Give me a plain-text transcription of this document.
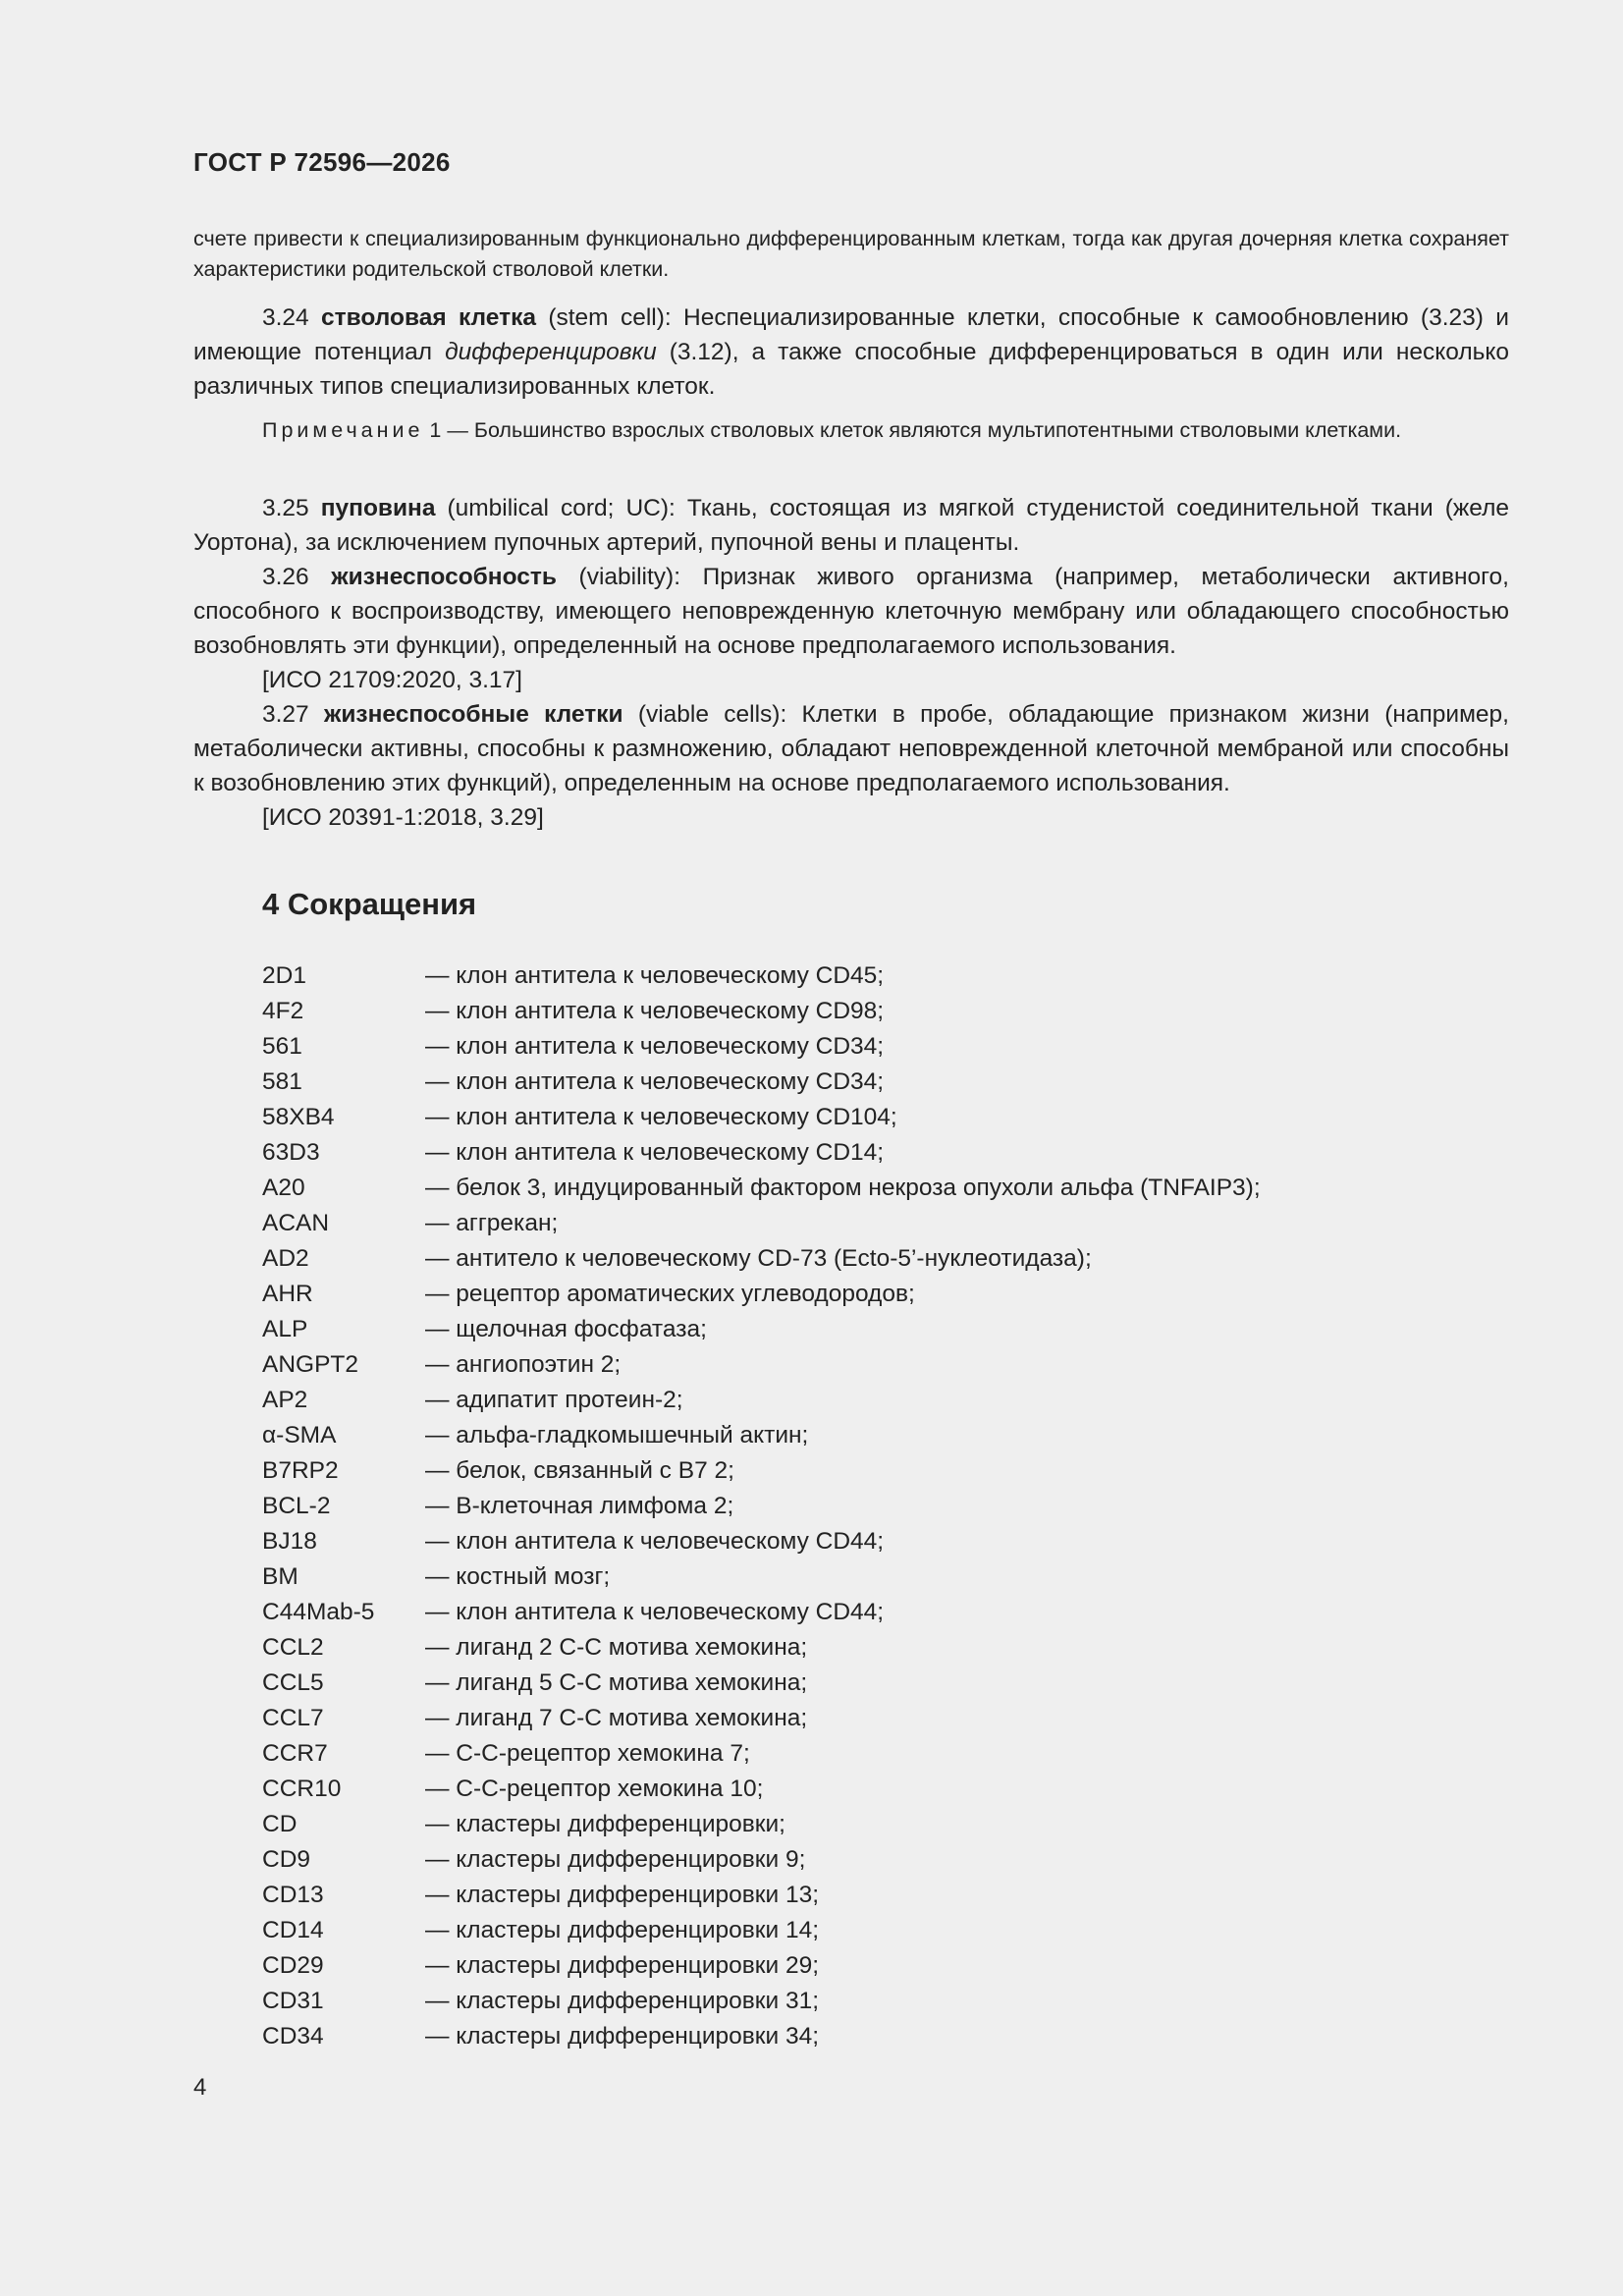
ГОСТ Р 72596—2026

счете привести к специализированным функционально дифференцированным клеткам, тогда как другая дочерняя клетка сохраняет характеристики родительской стволовой клетки.

3.24 стволовая клетка (stem cell): Неспециализированные клетки, способные к самообновлению (3.23) и имеющие потенциал дифференцировки (3.12), а также способные дифференцироваться в один или несколько различных типов специализированных клеток.

Примечание 1 — Большинство взрослых стволовых клеток являются мультипотентными стволовыми клетками.

3.25 пуповина (umbilical cord; UC): Ткань, состоящая из мягкой студенистой соединительной ткани (желе Уортона), за исключением пупочных артерий, пупочной вены и плаценты.

3.26 жизнеспособность (viability): Признак живого организма (например, метаболически активного, способного к воспроизводству, имеющего неповрежденную клеточную мембрану или обладающего способностью возобновлять эти функции), определенный на основе предполагаемого использования.

[ИСО 21709:2020, 3.17]

3.27 жизнеспособные клетки (viable cells): Клетки в пробе, обладающие признаком жизни (например, метаболически активны, способны к размножению, обладают неповрежденной клеточной мембраной или способны к возобновлению этих функций), определенным на основе предполагаемого использования.

[ИСО 20391-1:2018, 3.29]

4 Сокращения
2D1	— клон антитела к человеческому CD45;
4F2	— клон антитела к человеческому CD98;
561	— клон антитела к человеческому CD34;
581	— клон антитела к человеческому CD34;
58XB4	— клон антитела к человеческому CD104;
63D3	— клон антитела к человеческому CD14;
A20	— белок 3, индуцированный фактором некроза опухоли альфа (TNFAIP3);
ACAN	— аггрекан;
AD2	— антитело к человеческому CD-73 (Ecto-5’-нуклеотидаза);
AHR	— рецептор ароматических углеводородов;
ALP	— щелочная фосфатаза;
ANGPT2	— ангиопоэтин 2;
AP2	— адипатит протеин-2;
α-SMA	— альфа-гладкомышечный актин;
B7RP2	— белок, связанный с B7 2;
BCL-2	— В-клеточная лимфома 2;
BJ18	— клон антитела к человеческому CD44;
BM	— костный мозг;
C44Mab-5	— клон антитела к человеческому CD44;
CCL2	— лиганд 2 C-C мотива хемокина;
CCL5	— лиганд 5 C-C мотива хемокина;
CCL7	— лиганд 7 C-C мотива хемокина;
CCR7	— C-C-рецептор хемокина 7;
CCR10	— C-C-рецептор хемокина 10;
CD	— кластеры дифференцировки;
CD9	— кластеры дифференцировки 9;
CD13	— кластеры дифференцировки 13;
CD14	— кластеры дифференцировки 14;
CD29	— кластеры дифференцировки 29;
CD31	— кластеры дифференцировки 31;
CD34	— кластеры дифференцировки 34;
4
